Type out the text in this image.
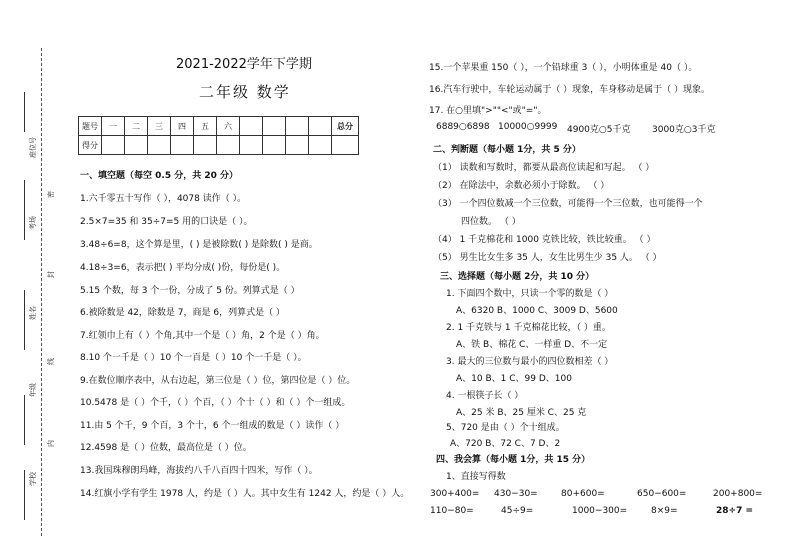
座位号
考场
姓名
年级
学校
密
封
线
内
2021-2022学年下学期
二年级 数学
题号	一	二	三	四	五	六					总分
得分											
一、填空题（每空 0.5 分，共 20 分）
1.六千零五十写作（ ），4078 读作（ ）。
2.5×7=35 和 35÷7=5 用的口诀是（ ）。
3.48÷6=8，这个算是里，( ) 是被除数( ) 是除数( ) 是商。
4.18÷3=6，表示把( ) 平均分成( )份，每份是( )。
5.15 个数，每 3 个一份，分成了 5 份。列算式是（ ）
6.被除数是 42，除数是 7，商是 6，列算式是（ ）
7.红领巾上有（ ）个角,其中一个是（ ）角，2 个是（ ）角。
8.10 个一千是（ ）10 个一百是（ ）10 个一千是（ ）。
9.在数位顺序表中，从右边起，第三位是（ ）位，第四位是（ ）位。
10.5478 是（ ）个千，（ ）个百，（ ）个十（ ）和（ ）个一组成。
11.由 5 个千，9 个百，3 个十，6 个一组成的数是（ ）读作（ ）
12.4598 是（ ）位数，最高位是（ ）位。
13.我国珠穆朗玛峰，海拔约八千八百四十四米，写作（ ）。
14.红旗小学有学生 1978 人，约是（ ）人。其中女生有 1242 人，约是（ ）人。
15.一个苹果重 150（ ），一个铅球重 3（ ），小明体重是 40（ ）。
16.汽车行驶中，车轮运动属于（ ）现象，车身移动是属于（ ）现象。
17. 在○里填">""<"或"="。
6889○6898 10000○9999 4900克○5千克 3000克○3千克
二、判断题（每小题 1分，共 5 分）
（1） 读数和写数时，都要从最高位读起和写起。 （ ）
（2） 在除法中，余数必须小于除数。 （ ）
（3） 一个四位数减一个三位数，可能得一个三位数，也可能得一个
四位数。 （ ）
（4） 1 千克棉花和 1000 克铁比较，铁比较重。 （ ）
（5） 男生比女生多 35 人，女生比男生少 35 人。 （ ）
三、选择题（每小题 2分，共 10 分）
1. 下面四个数中，只读一个零的数是（ ）
A、6320 B、1000 C、3009 D、5600
2. 1 千克铁与 1 千克棉花比较，（ ）重。
A、铁 B、棉花 C、一样重 D、不一定
3. 最大的三位数与最小的四位数相差（ ）
A、10 B、1 C、99 D、100
4. 一根筷子长（ ）
A、25 米 B、25 厘米 C、25 克
5、720 是由（ ）个十组成。
A、720 B、72 C、7 D、2
四、我会算（每小题 1分，共 15 分）
1、直接写得数
300+400= 430−30=	80+600=	650−600=	200+800=
110−80=	45÷9=	1000−300=	8×9=	28÷7 =
